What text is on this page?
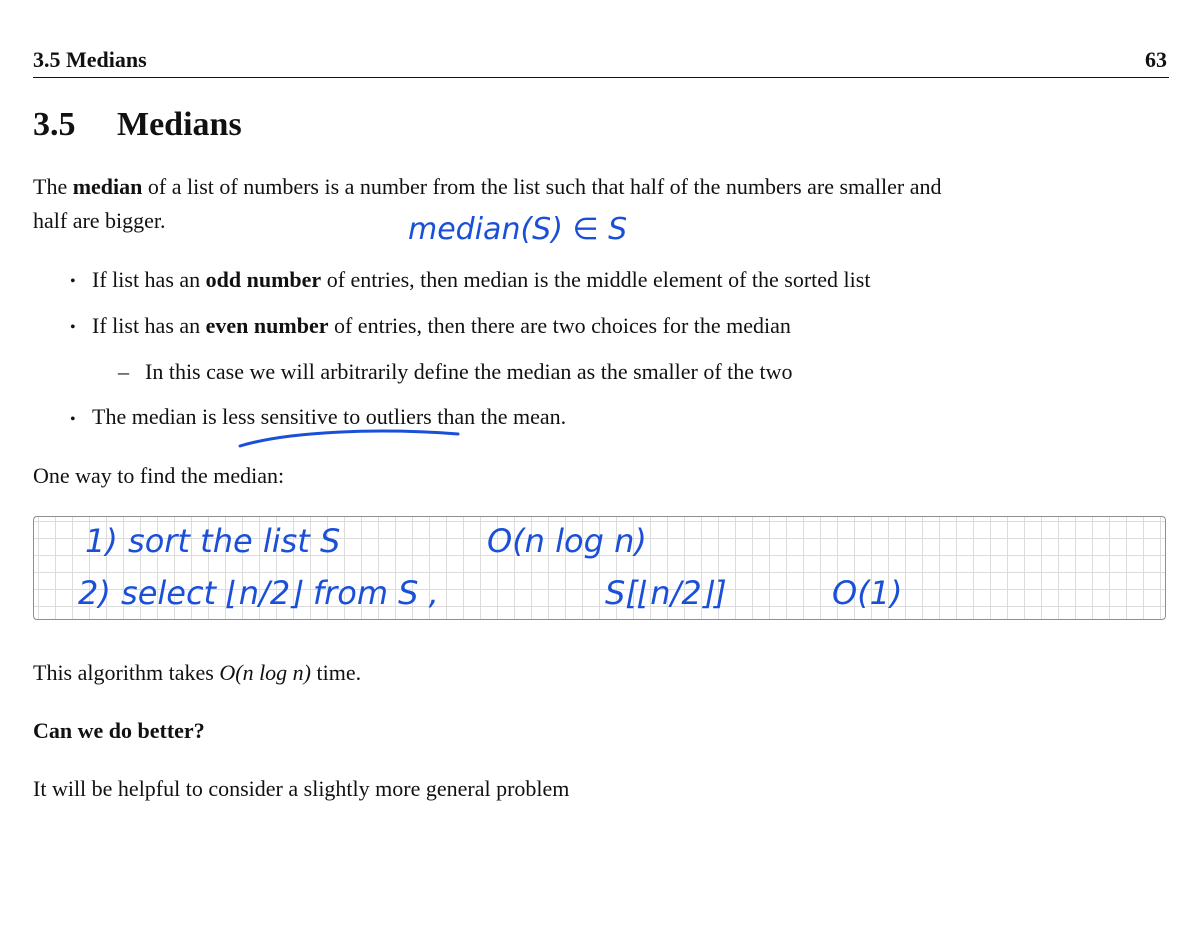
3.5 Medians	63
3.5 Medians
The median of a list of numbers is a number from the list such that half of the numbers are smaller and
half are bigger.	median(S) ∈ S
• If list has an odd number of entries, then median is the middle element of the sorted list
• If list has an even number of entries, then there are two choices for the median
– In this case we will arbitrarily define the median as the smaller of the two
• The median is less sensitive to outliers than the mean.
One way to find the median:
1) sort the list S	O(n log n)
2) select ⌊n/2⌋ from S ,	S[⌊n/2⌋]	O(1)
This algorithm takes O(n log n) time.
Can we do better?
It will be helpful to consider a slightly more general problem
